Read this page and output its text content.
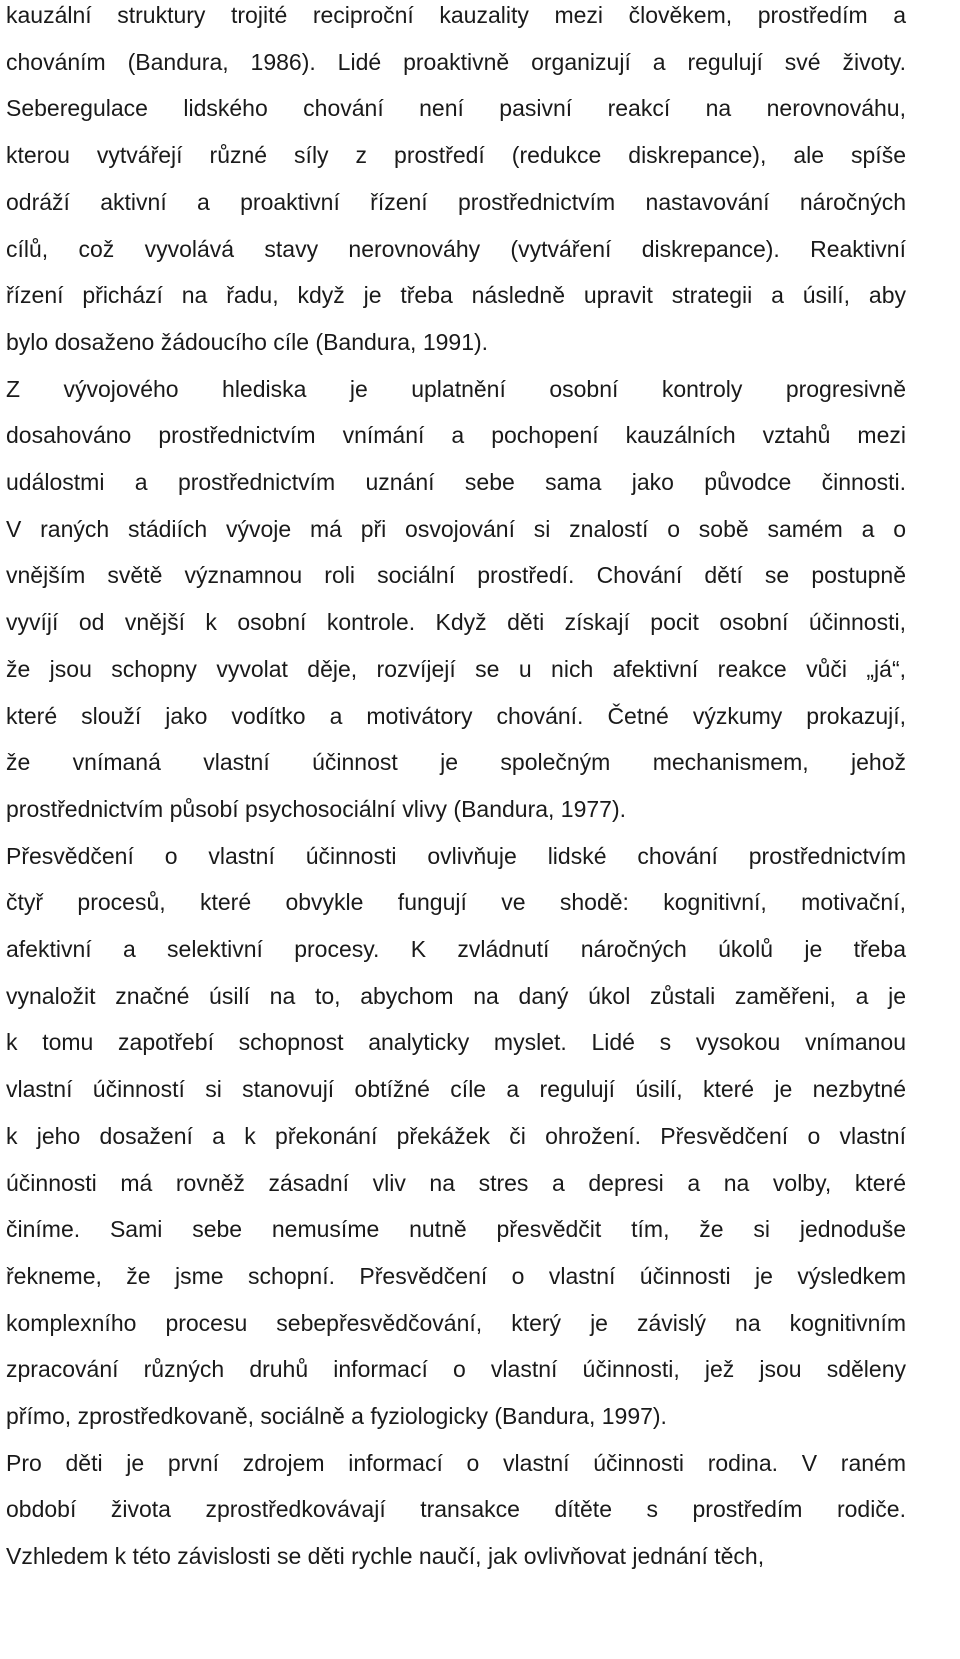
kauzální struktury trojité reciproční kauzality mezi člověkem, prostředím a
chováním (Bandura, 1986). Lidé proaktivně organizují a regulují své životy.
Seberegulace lidského chování není pasivní reakcí na nerovnováhu,
kterou vytvářejí různé síly z prostředí (redukce diskrepance), ale spíše
odráží aktivní a proaktivní řízení prostřednictvím nastavování náročných
cílů, což vyvolává stavy nerovnováhy (vytváření diskrepance). Reaktivní
řízení přichází na řadu, když je třeba následně upravit strategii a úsilí, aby
bylo dosaženo žádoucího cíle (Bandura, 1991).
Z vývojového hlediska je uplatnění osobní kontroly progresivně
dosahováno prostřednictvím vnímání a pochopení kauzálních vztahů mezi
událostmi a prostřednictvím uznání sebe sama jako původce činnosti.
V raných stádiích vývoje má při osvojování si znalostí o sobě samém a o
vnějším světě významnou roli sociální prostředí. Chování dětí se postupně
vyvíjí od vnější k osobní kontrole. Když děti získají pocit osobní účinnosti,
že jsou schopny vyvolat děje, rozvíjejí se u nich afektivní reakce vůči „já“,
které slouží jako vodítko a motivátory chování. Četné výzkumy prokazují,
že vnímaná vlastní účinnost je společným mechanismem, jehož
prostřednictvím působí psychosociální vlivy (Bandura, 1977).
Přesvědčení o vlastní účinnosti ovlivňuje lidské chování prostřednictvím
čtyř procesů, které obvykle fungují ve shodě: kognitivní, motivační,
afektivní a selektivní procesy. K zvládnutí náročných úkolů je třeba
vynaložit značné úsilí na to, abychom na daný úkol zůstali zaměřeni, a je
k tomu zapotřebí schopnost analyticky myslet. Lidé s vysokou vnímanou
vlastní účinností si stanovují obtížné cíle a regulují úsilí, které je nezbytné
k jeho dosažení a k překonání překážek či ohrožení. Přesvědčení o vlastní
účinnosti má rovněž zásadní vliv na stres a depresi a na volby, které
činíme. Sami sebe nemusíme nutně přesvědčit tím, že si jednoduše
řekneme, že jsme schopní. Přesvědčení o vlastní účinnosti je výsledkem
komplexního procesu sebepřesvědčování, který je závislý na kognitivním
zpracování různých druhů informací o vlastní účinnosti, jež jsou sděleny
přímo, zprostředkovaně, sociálně a fyziologicky (Bandura, 1997).
Pro děti je první zdrojem informací o vlastní účinnosti rodina. V raném
období života zprostředkovávají transakce dítěte s prostředím rodiče.
Vzhledem k této závislosti se děti rychle naučí, jak ovlivňovat jednání těch,
